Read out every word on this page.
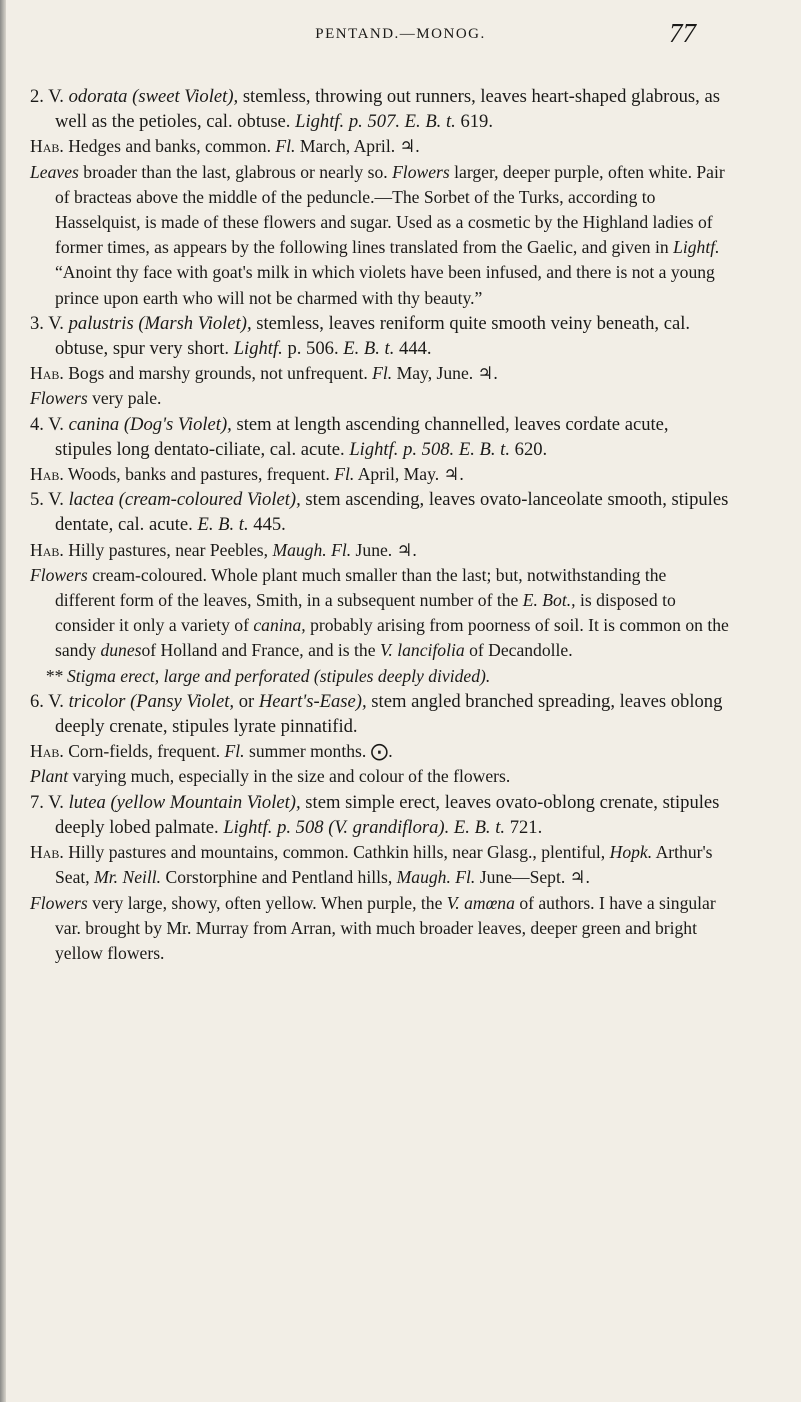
PENTAND.—MONOG.	77

2. V. odorata (sweet Violet), stemless, throwing out runners, leaves heart-shaped glabrous, as well as the petioles, cal. obtuse. Lightf. p. 507. E. B. t. 619.

Hab. Hedges and banks, common. Fl. March, April. ♃.

Leaves broader than the last, glabrous or nearly so. Flowers larger, deeper purple, often white. Pair of bracteas above the middle of the peduncle.—The Sorbet of the Turks, according to Hasselquist, is made of these flowers and sugar. Used as a cosmetic by the Highland ladies of former times, as appears by the following lines translated from the Gaelic, and given in Lightf. “Anoint thy face with goat's milk in which violets have been infused, and there is not a young prince upon earth who will not be charmed with thy beauty.”

3. V. palustris (Marsh Violet), stemless, leaves reniform quite smooth veiny beneath, cal. obtuse, spur very short. Lightf. p. 506. E. B. t. 444.

Hab. Bogs and marshy grounds, not unfrequent. Fl. May, June. ♃.

Flowers very pale.

4. V. canina (Dog's Violet), stem at length ascending channelled, leaves cordate acute, stipules long dentato-ciliate, cal. acute. Lightf. p. 508. E. B. t. 620.

Hab. Woods, banks and pastures, frequent. Fl. April, May. ♃.

5. V. lactea (cream-coloured Violet), stem ascending, leaves ovato-lanceolate smooth, stipules dentate, cal. acute. E. B. t. 445.

Hab. Hilly pastures, near Peebles, Maugh. Fl. June. ♃.

Flowers cream-coloured. Whole plant much smaller than the last; but, notwithstanding the different form of the leaves, Smith, in a subsequent number of the E. Bot., is disposed to consider it only a variety of canina, probably arising from poorness of soil. It is common on the sandy dunesof Holland and France, and is the V. lancifolia of Decandolle.

** Stigma erect, large and perforated (stipules deeply divided).

6. V. tricolor (Pansy Violet, or Heart's-Ease), stem angled branched spreading, leaves oblong deeply crenate, stipules lyrate pinnatifid.

Hab. Corn-fields, frequent. Fl. summer months. ⨀.

Plant varying much, especially in the size and colour of the flowers.

7. V. lutea (yellow Mountain Violet), stem simple erect, leaves ovato-oblong crenate, stipules deeply lobed palmate. Lightf. p. 508 (V. grandiflora). E. B. t. 721.

Hab. Hilly pastures and mountains, common. Cathkin hills, near Glasg., plentiful, Hopk. Arthur's Seat, Mr. Neill. Corstorphine and Pentland hills, Maugh. Fl. June—Sept. ♃.

Flowers very large, showy, often yellow. When purple, the V. amœna of authors. I have a singular var. brought by Mr. Murray from Arran, with much broader leaves, deeper green and bright yellow flowers.
